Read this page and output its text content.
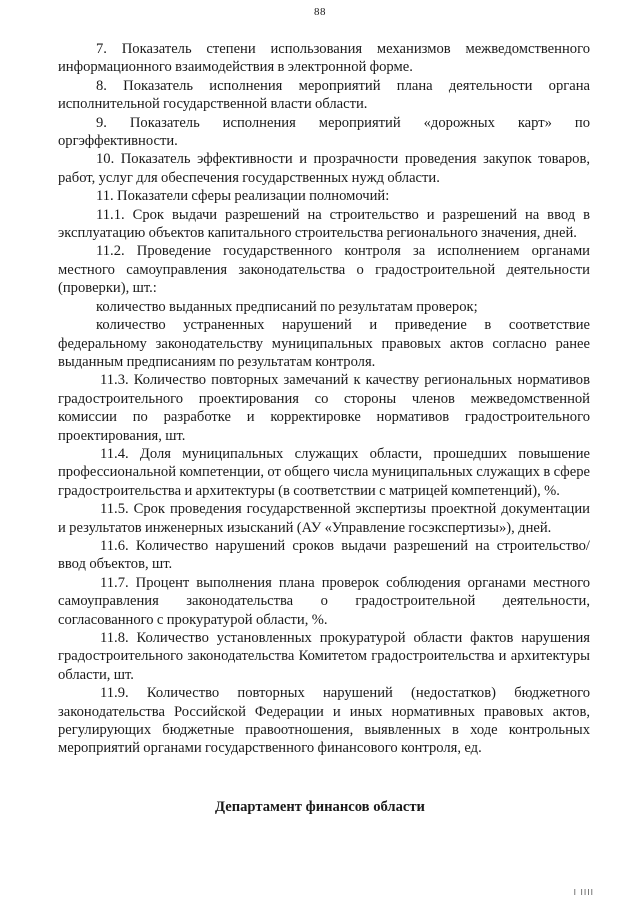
88

7. Показатель степени использования механизмов межведомственного информационного взаимодействия в электронной форме.

8. Показатель исполнения мероприятий плана деятельности органа исполнительной государственной власти области.

9. Показатель исполнения мероприятий «дорожных карт» по оргэффективности.

10. Показатель эффективности и прозрачности проведения закупок товаров, работ, услуг для обеспечения государственных нужд области.

11. Показатели сферы реализации полномочий:

11.1. Срок выдачи разрешений на строительство и разрешений на ввод в эксплуатацию объектов капитального строительства регионального значения, дней.

11.2. Проведение государственного контроля за исполнением органами местного самоуправления законодательства о градостроительной деятельности (проверки), шт.:

количество выданных предписаний по результатам проверок;

количество устраненных нарушений и приведение в соответствие федеральному законодательству муниципальных правовых актов согласно ранее выданным предписаниям по результатам контроля.

11.3. Количество повторных замечаний к качеству региональных нормативов градостроительного проектирования со стороны членов межведомственной комиссии по разработке и корректировке нормативов градостроительного проектирования, шт.

11.4. Доля муниципальных служащих области, прошедших повышение профессиональной компетенции, от общего числа муниципальных служащих в сфере градостроительства и архитектуры (в соответствии с матрицей компетенций), %.

11.5. Срок проведения государственной экспертизы проектной документации и результатов инженерных изысканий (АУ «Управление госэкспертизы»), дней.

11.6. Количество нарушений сроков выдачи разрешений на строительство/ввод объектов, шт.

11.7. Процент выполнения плана проверок соблюдения органами местного самоуправления законодательства о градостроительной деятельности, согласованного с прокуратурой области, %.

11.8. Количество установленных прокуратурой области фактов нарушения градостроительного законодательства Комитетом градостроительства и архитектуры области, шт.

11.9. Количество повторных нарушений (недостатков) бюджетного законодательства Российской Федерации и иных нормативных правовых актов, регулирующих бюджетные правоотношения, выявленных в ходе контрольных мероприятий органами государственного финансового контроля, ед.

Департамент финансов области
I IIII
